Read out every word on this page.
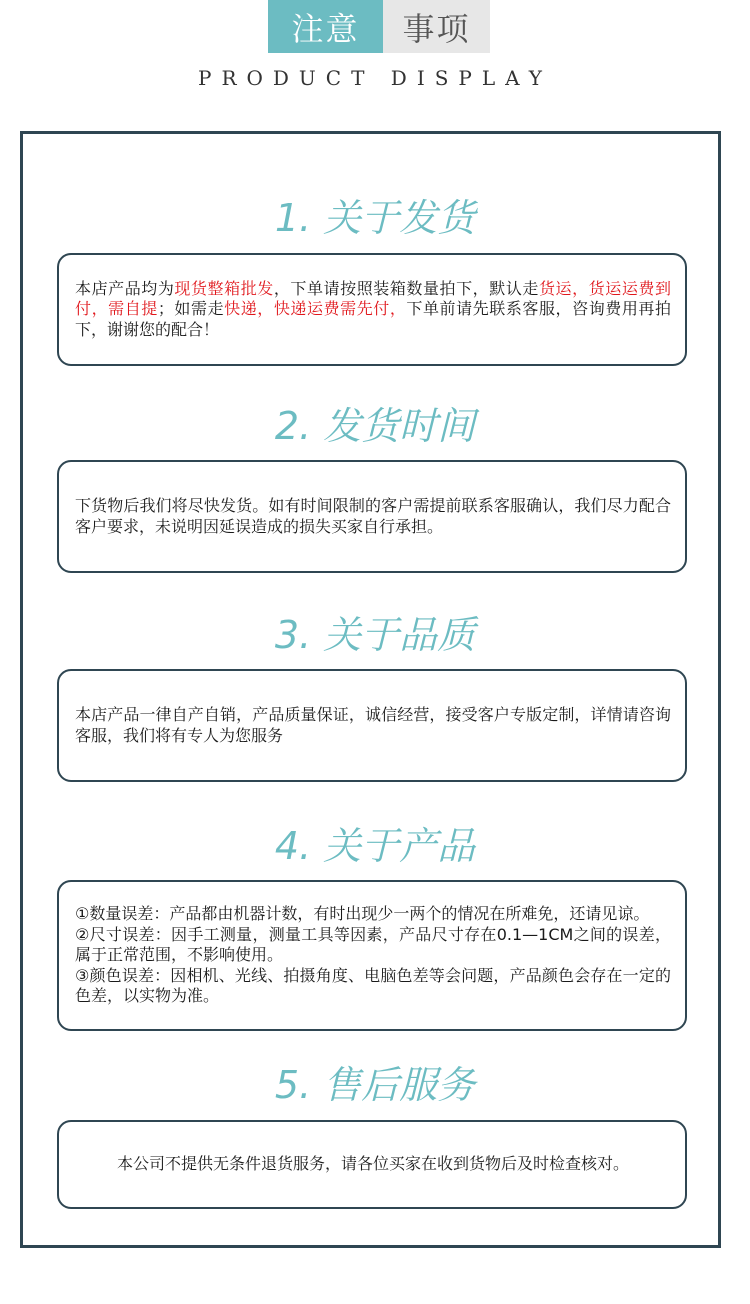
注意	事项
PRODUCT DISPLAY
1. 关于发货

本店产品均为现货整箱批发，下单请按照装箱数量拍下，默认走货运，货运运费到付，需自提；如需走快递，快递运费需先付，下单前请先联系客服，咨询费用再拍下，谢谢您的配合！

2. 发货时间

下货物后我们将尽快发货。如有时间限制的客户需提前联系客服确认，我们尽力配合客户要求，未说明因延误造成的损失买家自行承担。

3. 关于品质

本店产品一律自产自销，产品质量保证，诚信经营，接受客户专版定制，详情请咨询客服，我们将有专人为您服务

4. 关于产品

①数量误差：产品都由机器计数，有时出现少一两个的情况在所难免，还请见谅。

②尺寸误差：因手工测量，测量工具等因素，产品尺寸存在0.1—1CM之间的误差，属于正常范围，不影响使用。

③颜色误差：因相机、光线、拍摄角度、电脑色差等会问题，产品颜色会存在一定的色差，以实物为准。

5. 售后服务

本公司不提供无条件退货服务，请各位买家在收到货物后及时检查核对。
